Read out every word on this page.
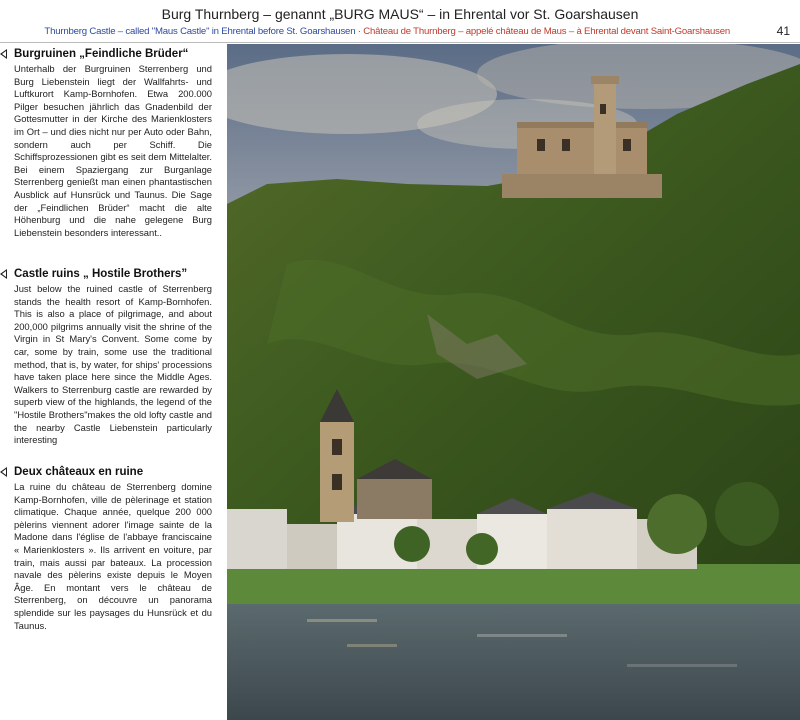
Burg Thurnberg – genannt „BURG MAUS“ – in Ehrental vor St. Goarshausen
Thurnberg Castle – called "Maus Castle" in Ehrental before St. Goarshausen · Château de Thurnberg – appelé château de Maus – à Ehrental devant Saint-Goarshausen	41
Burgruinen „Feindliche Brüder“
Unterhalb der Burgruinen Sterrenberg und Burg Liebenstein liegt der Wallfahrts- und Luftkurort Kamp-Bornhofen. Etwa 200.000 Pilger besuchen jährlich das Gnadenbild der Gottesmutter in der Kirche des Marienklosters im Ort – und dies nicht nur per Auto oder Bahn, sondern auch per Schiff. Die Schiffsprozessionen gibt es seit dem Mittelalter. Bei einem Spaziergang zur Burganlage Sterrenberg genießt man einen phantastischen Ausblick auf Hunsrück und Taunus. Die Sage der „Feindlichen Brüder“ macht die alte Höhenburg und die nahe gelegene Burg Liebenstein besonders interessant..
Castle ruins „ Hostile Brothers”
Just below the ruined castle of Sterrenberg stands the health resort of Kamp-Bornhofen. This is also a place of pilgrimage, and about 200,000 pilgrims annually visit the shrine of the Virgin in St Mary's Convent. Some come by car, some by train, some use the traditional method, that is, by water, for ships' processions have taken place here since the Middle Ages. Walkers to Sterrenburg castle are rewarded by superb view of the highlands, the legend of the "Hostile Brothers"makes the old lofty castle and the nearby Castle Liebenstein particularly interesting
Deux châteaux en ruine
La ruine du château de Sterrenberg domine Kamp-Bornhofen, ville de pèlerinage et station climatique. Chaque année, quelque 200 000 pèlerins viennent adorer l'image sainte de la Madone dans l'église de l'abbaye franciscaine « Marienklosters ». Ils arrivent en voiture, par train, mais aussi par bateaux. La procession navale des pèlerins existe depuis le Moyen Âge. En montant vers le château de Sterrenberg, on découvre un panorama splendide sur les paysages du Hunsrück et du Taunus.
